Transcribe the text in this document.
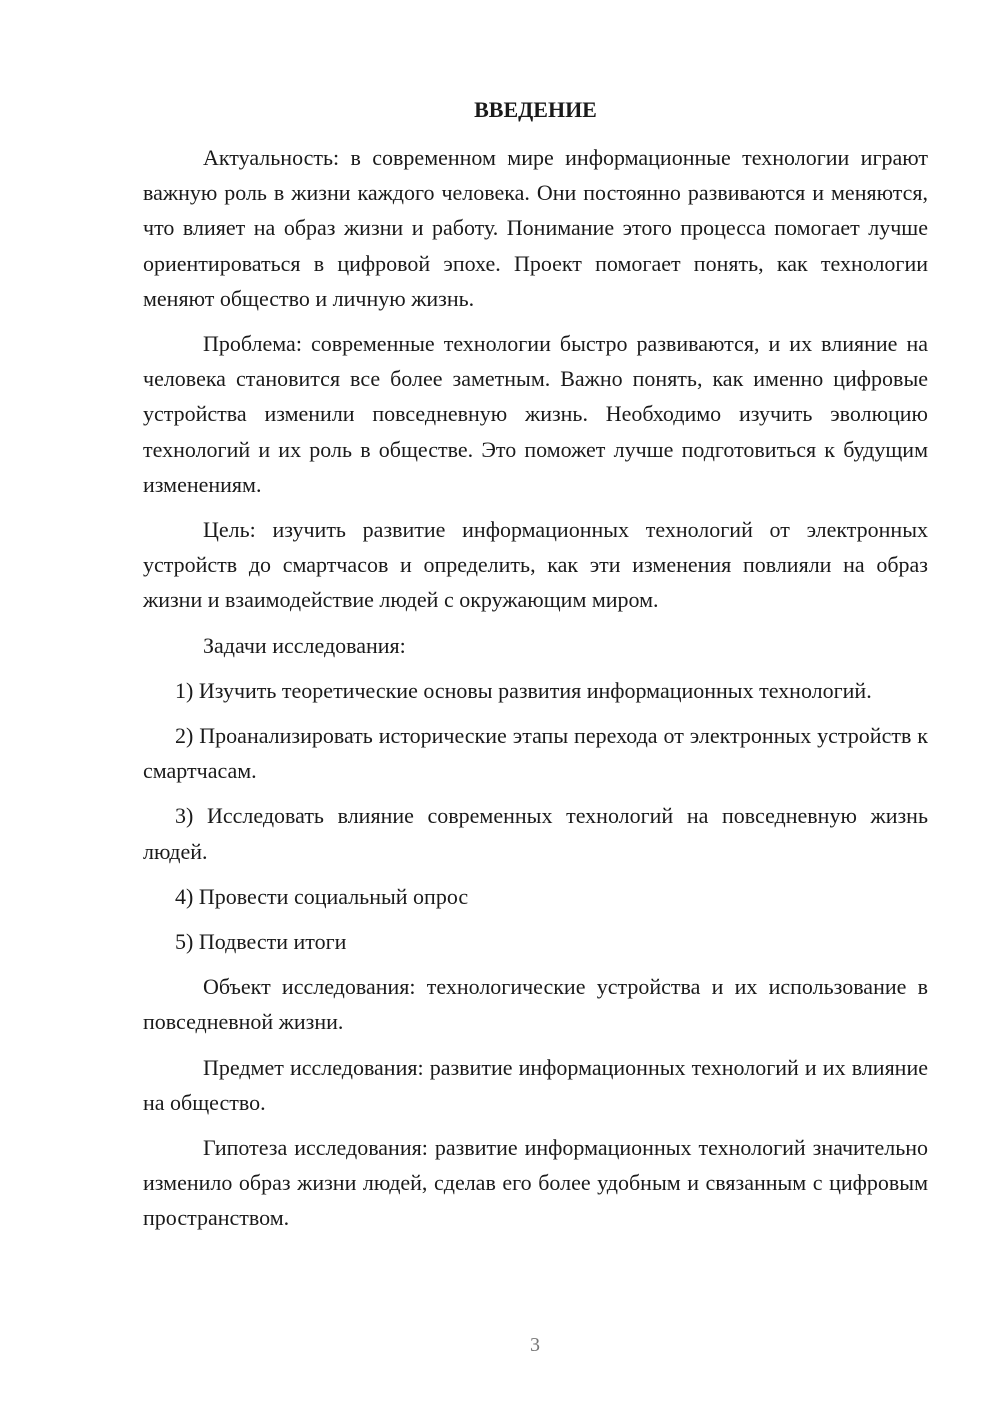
ВВЕДЕНИЕ

Актуальность: в современном мире информационные технологии играют важную роль в жизни каждого человека. Они постоянно развиваются и меняются, что влияет на образ жизни и работу. Понимание этого процесса помогает лучше ориентироваться в цифровой эпохе. Проект помогает понять, как технологии меняют общество и личную жизнь.

Проблема: современные технологии быстро развиваются, и их влияние на человека становится все более заметным. Важно понять, как именно цифровые устройства изменили повседневную жизнь. Необходимо изучить эволюцию технологий и их роль в обществе. Это поможет лучше подготовиться к будущим изменениям.

Цель: изучить развитие информационных технологий от электронных устройств до смартчасов и определить, как эти изменения повлияли на образ жизни и взаимодействие людей с окружающим миром.

Задачи исследования:

1) Изучить теоретические основы развития информационных технологий.

2) Проанализировать исторические этапы перехода от электронных устройств к смартчасам.

3) Исследовать влияние современных технологий на повседневную жизнь людей.

4) Провести социальный опрос

5) Подвести итоги

Объект исследования: технологические устройства и их использование в повседневной жизни.

Предмет исследования: развитие информационных технологий и их влияние на общество.

Гипотеза исследования: развитие информационных технологий значительно изменило образ жизни людей, сделав его более удобным и связанным с цифровым пространством.

3
